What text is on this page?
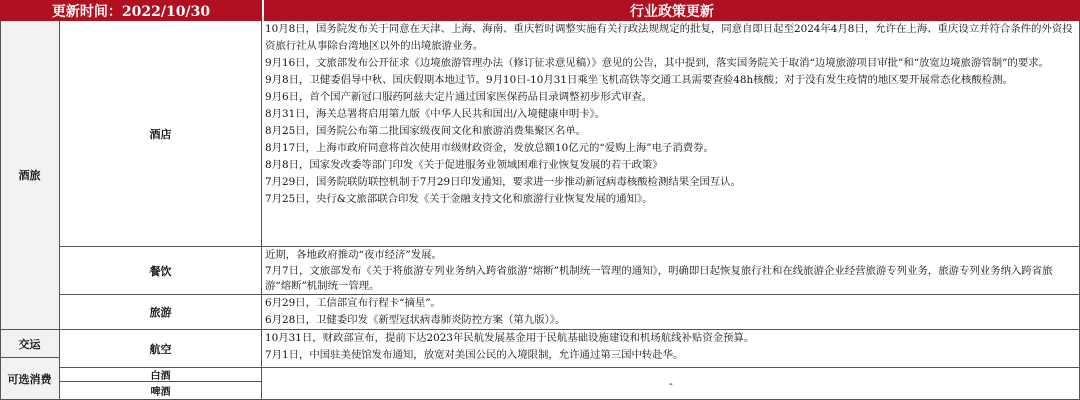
更新时间：2022/10/30	行业政策更新
酒旅
交运
可选消费
酒店
餐饮
旅游
航空
白酒
啤酒
10月8日，国务院发布关于同意在天津、上海、海南、重庆暂时调整实施有关行政法规规定的批复，同意自即日起至2024年4月8日，允许在上海、重庆设立并符合条件的外资投资旅行社从事除台湾地区以外的出境旅游业务。
9月16日，文旅部发布公开征求《边境旅游管理办法（修订征求意见稿）》意见的公告，其中提到，落实国务院关于取消“边境旅游项目审批”和“放宽边境旅游管制”的要求。
9月8日，卫健委倡导中秋、国庆假期本地过节。9月10日-10月31日乘坐飞机高铁等交通工具需要查验48h核酸；对于没有发生疫情的地区要开展常态化核酸检测。
9月6日，首个国产新冠口服药阿兹夫定片通过国家医保药品目录调整初步形式审查。
8月31日，海关总署将启用第九版《中华人民共和国出/入境健康申明卡》。
8月25日，国务院公布第二批国家级夜间文化和旅游消费集聚区名单。
8月17日，上海市政府同意将首次使用市级财政资金，发放总额10亿元的“爱购上海”电子消费券。
8月8日，国家发改委等部门印发《关于促进服务业领域困难行业恢复发展的若干政策》
7月29日，国务院联防联控机制于7月29日印发通知，要求进一步推动新冠病毒核酸检测结果全国互认。
7月25日，央行&文旅部联合印发《关于金融支持文化和旅游行业恢复发展的通知》。
近期，各地政府推动“夜市经济”发展。
7月7日，文旅部发布《关于将旅游专列业务纳入跨省旅游“熔断”机制统一管理的通知》，明确即日起恢复旅行社和在线旅游企业经营旅游专列业务，旅游专列业务纳入跨省旅游“熔断”机制统一管理。
6月29日，工信部宣布行程卡“摘星”。
6月28日，卫健委印发《新型冠状病毒肺炎防控方案（第九版）》。
10月31日，财政部宣布，提前下达2023年民航发展基金用于民航基础设施建设和机场航线补贴资金预算。
7月1日，中国驻美使馆发布通知，放宽对美国公民的入境限制，允许通过第三国中转赴华。
-
